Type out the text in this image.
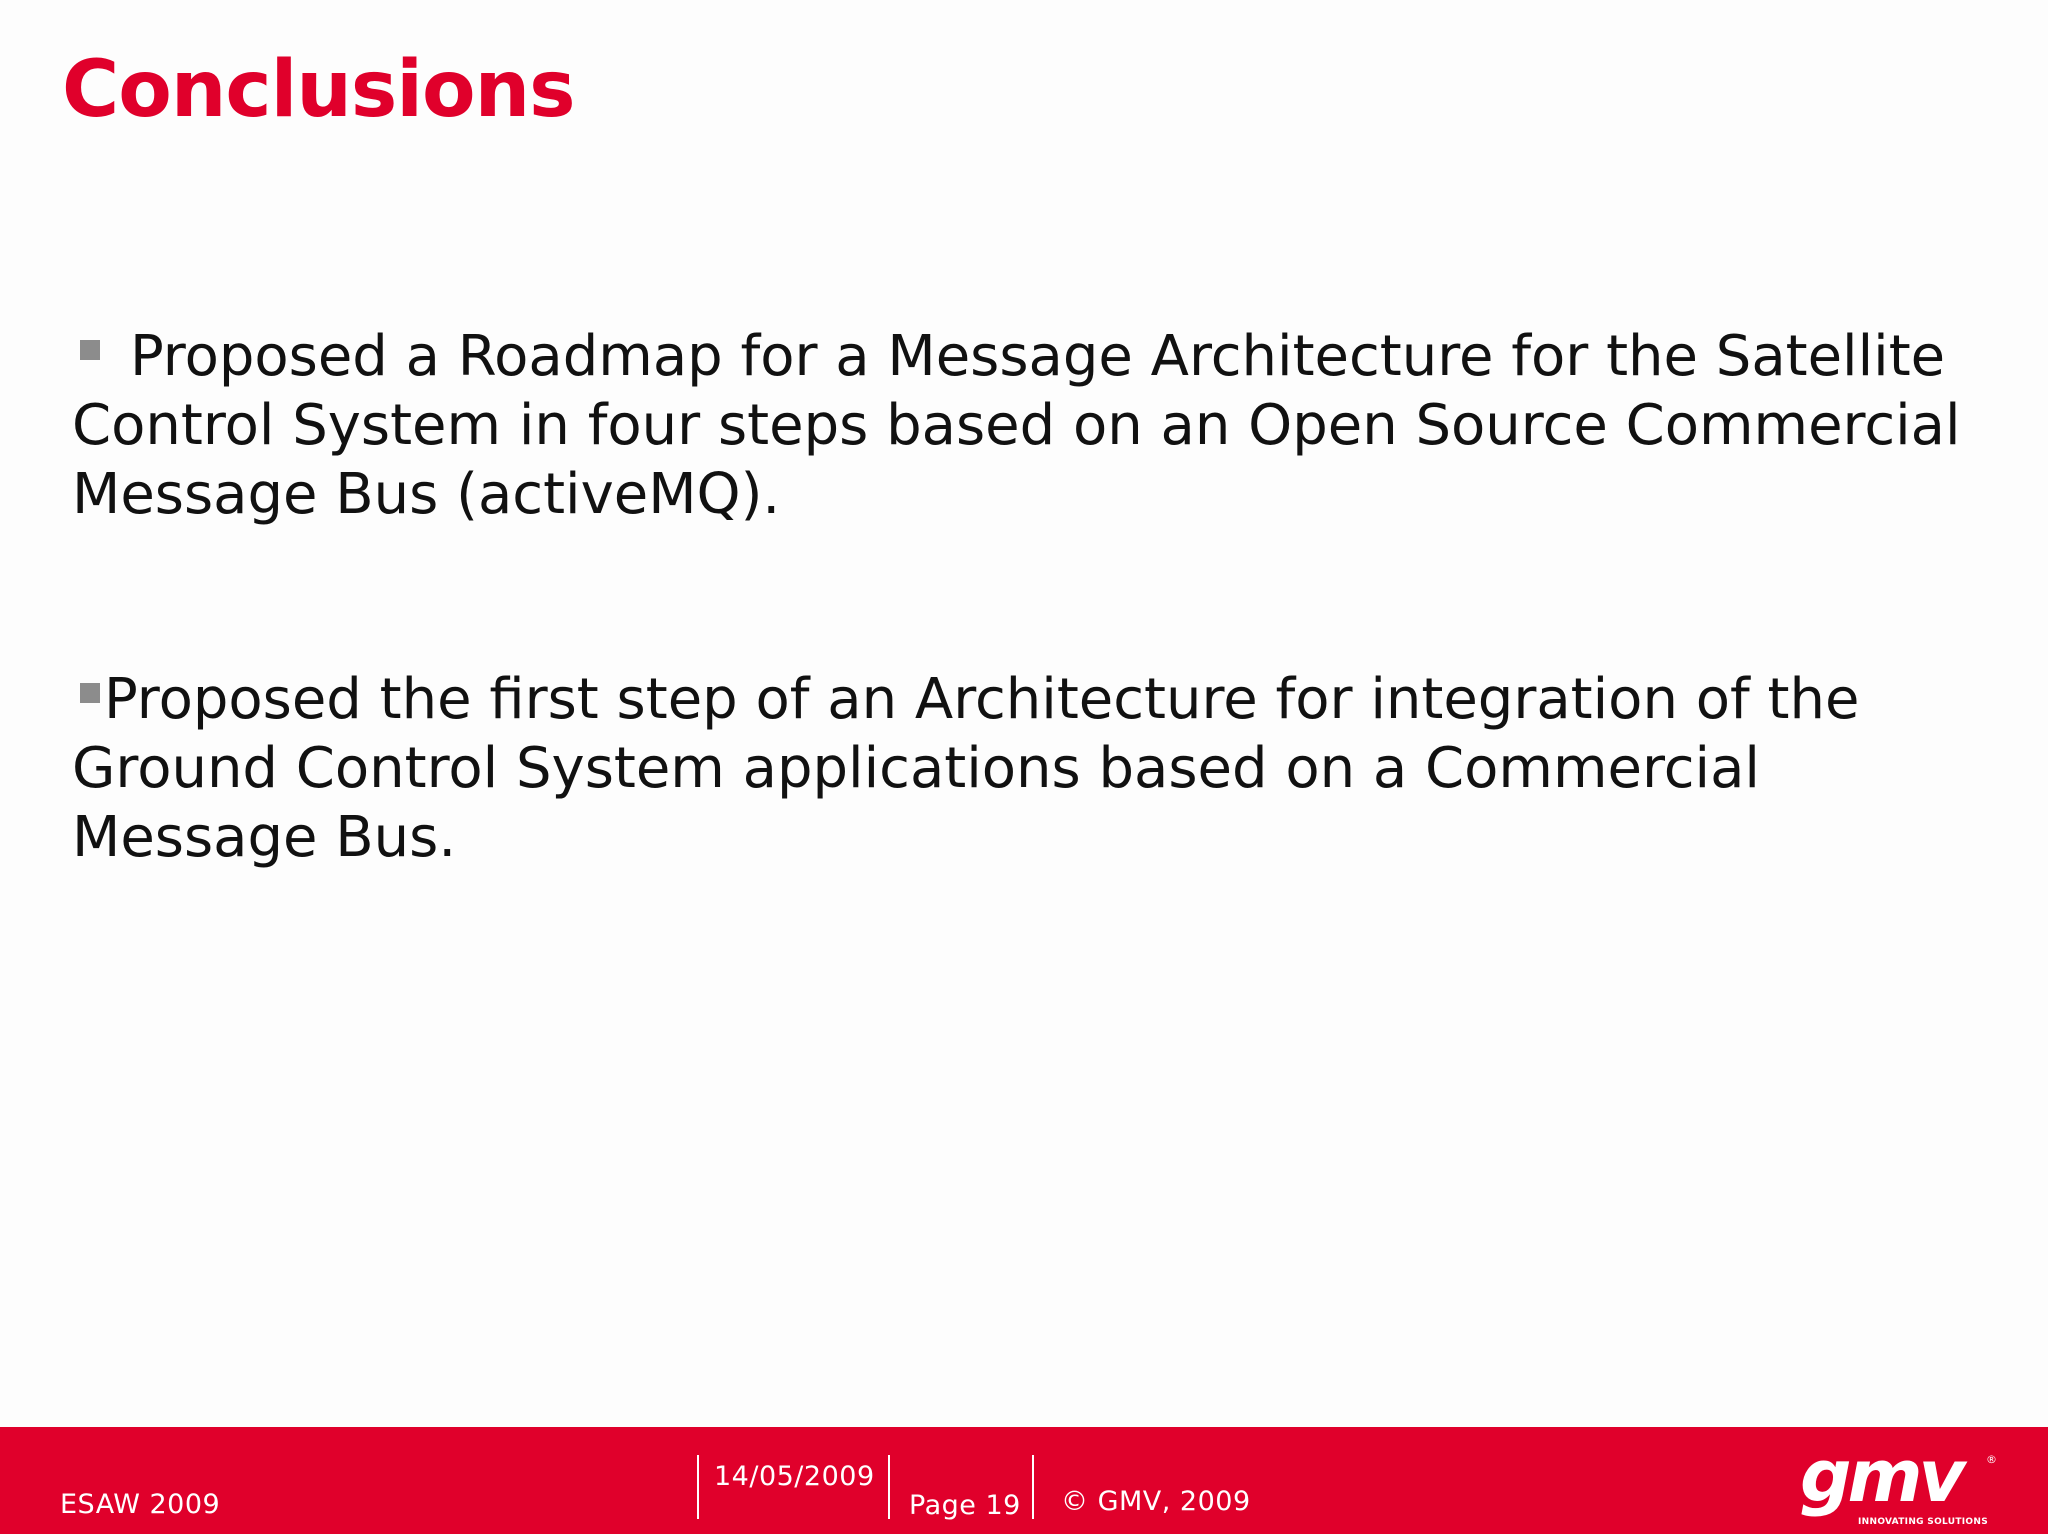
Conclusions

Proposed a Roadmap for a Message Architecture for the Satellite Control System in four steps based on an Open Source Commercial Message Bus (activeMQ).

Proposed the first step of an Architecture for integration of the Ground Control System applications based on a Commercial Message Bus.

ESAW 2009
14/05/2009
Page 19 © GMV, 2009	gmv	®
INNOVATING SOLUTIONS
